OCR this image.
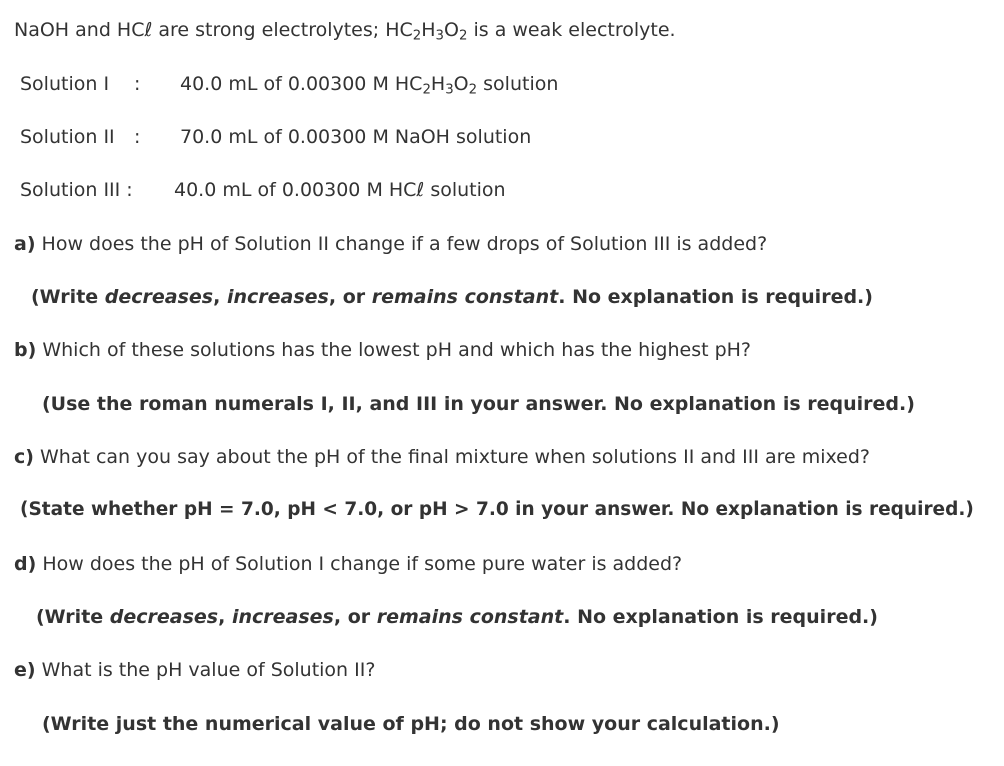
NaOH and HCℓ are strong electrolytes; $HC_2H_3O_2$ is a weak electrolyte.
Solution I : 40.0 mL of 0.00300 M $HC_2H_3O_2$ solution
Solution II : 70.0 mL of 0.00300 M NaOH solution
Solution III : 40.0 mL of 0.00300 M HCℓ solution
a) How does the pH of Solution II change if a few drops of Solution III is added?
(Write decreases, increases, or remains constant. No explanation is required.)
b) Which of these solutions has the lowest pH and which has the highest pH?
(Use the roman numerals I, II, and III in your answer. No explanation is required.)
c) What can you say about the pH of the final mixture when solutions II and III are mixed?
(State whether pH = 7.0, pH < 7.0, or pH > 7.0 in your answer. No explanation is required.)
d) How does the pH of Solution I change if some pure water is added?
(Write decreases, increases, or remains constant. No explanation is required.)
e) What is the pH value of Solution II?
(Write just the numerical value of pH; do not show your calculation.)
